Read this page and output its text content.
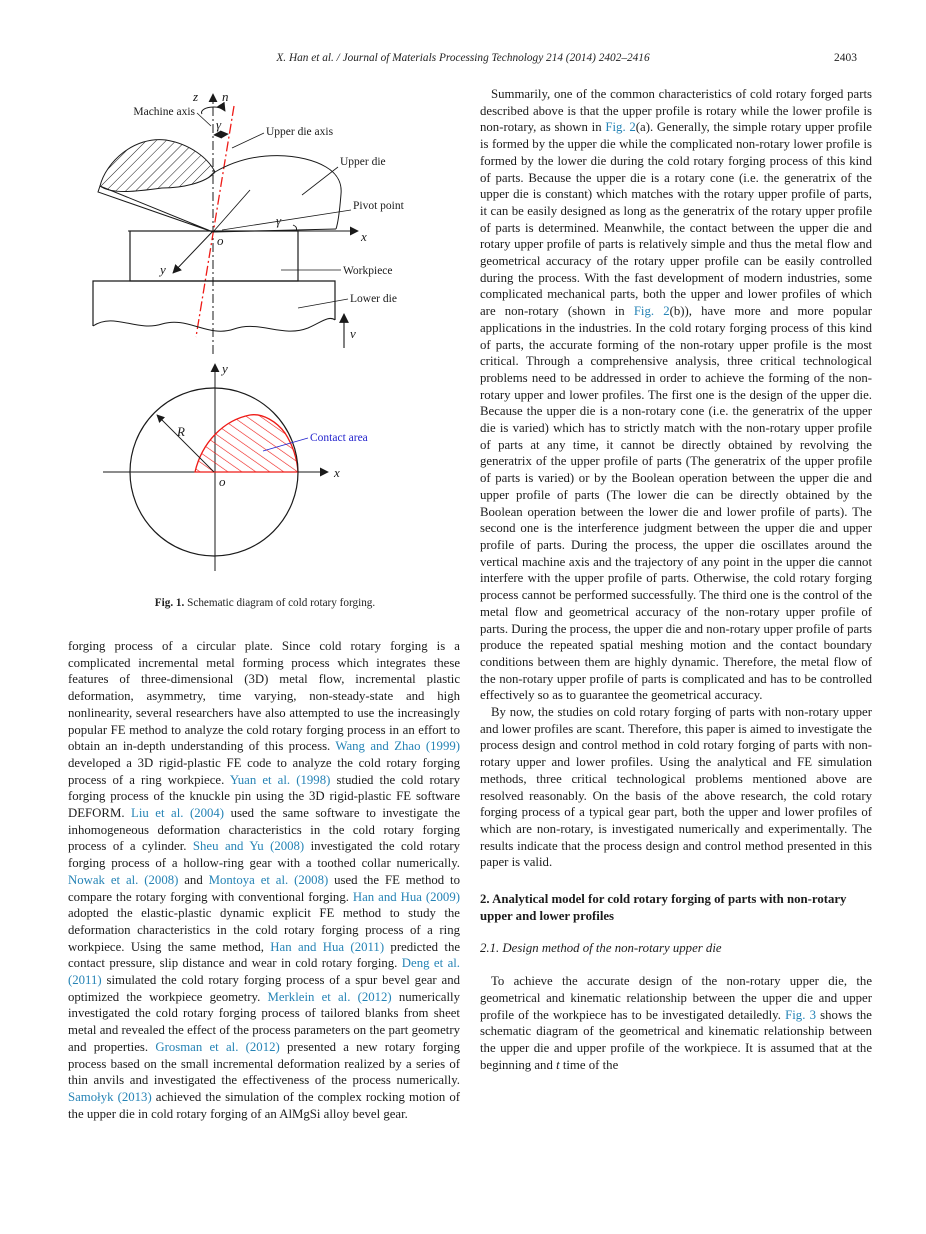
X. Han et al. / Journal of Materials Processing Technology 214 (2014) 2402–2416	2403
z n
γ
Machine axis
Upper die axis
γ
Upper die
Pivot point
x
y
o
Workpiece
Lower die
v
y
x
o
R	Contact area
Fig. 1. Schematic diagram of cold rotary forging.

forging process of a circular plate. Since cold rotary forging is a complicated incremental metal forming process which integrates these features of three-dimensional (3D) metal flow, incremental plastic deformation, asymmetry, time varying, non-steady-state and high nonlinearity, several researchers have also attempted to use the increasingly popular FE method to analyze the cold rotary forging process in an effort to obtain an in-depth understanding of this process. Wang and Zhao (1999) developed a 3D rigid-plastic FE code to analyze the cold rotary forging process of a ring workpiece. Yuan et al. (1998) studied the cold rotary forging process of the knuckle pin using the 3D rigid-plastic FE software DEFORM. Liu et al. (2004) used the same software to investigate the inhomogeneous deformation characteristics in the cold rotary forging process of a cylinder. Sheu and Yu (2008) investigated the cold rotary forging process of a hollow-ring gear with a toothed collar numerically. Nowak et al. (2008) and Montoya et al. (2008) used the FE method to compare the rotary forging with conventional forging. Han and Hua (2009) adopted the elastic-plastic dynamic explicit FE method to study the deformation characteristics in the cold rotary forging process of a ring workpiece. Using the same method, Han and Hua (2011) predicted the contact pressure, slip distance and wear in cold rotary forging. Deng et al. (2011) simulated the cold rotary forging process of a spur bevel gear and optimized the workpiece geometry. Merklein et al. (2012) numerically investigated the cold rotary forging process of tailored blanks from sheet metal and revealed the effect of the process parameters on the part geometry and properties. Grosman et al. (2012) presented a new rotary forging process based on the small incremental deformation realized by a series of thin anvils and investigated the effectiveness of the process numerically. Samołyk (2013) achieved the simulation of the complex rocking motion of the upper die in cold rotary forging of an AlMgSi alloy bevel gear.

Summarily, one of the common characteristics of cold rotary forged parts described above is that the upper profile is rotary while the lower profile is non-rotary, as shown in Fig. 2(a). Generally, the simple rotary upper profile is formed by the upper die while the complicated non-rotary lower profile is formed by the lower die during the cold rotary forging process of this kind of parts. Because the upper die is a rotary cone (i.e. the generatrix of the upper die is constant) which matches with the rotary upper profile of parts, it can be easily designed as long as the generatrix of the rotary upper profile of parts is determined. Meanwhile, the contact between the upper die and rotary upper profile of parts is relatively simple and thus the metal flow and geometrical accuracy of the rotary upper profile can be easily controlled during the process. With the fast development of modern industries, some complicated mechanical parts, both the upper and lower profiles of which are non-rotary (shown in Fig. 2(b)), have more and more popular applications in the industries. In the cold rotary forging process of this kind of parts, the accurate forming of the non-rotary upper profile is the most critical. Through a comprehensive analysis, three critical technological problems need to be addressed in order to achieve the forming of the non-rotary upper and lower profiles. The first one is the design of the upper die. Because the upper die is a non-rotary cone (i.e. the generatrix of the upper die is varied) which has to strictly match with the non-rotary upper profile of parts at any time, it cannot be directly obtained by revolving the generatrix of the upper profile of parts (The generatrix of the upper profile of parts is varied) or by the Boolean operation between the upper die and upper profile of parts (The lower die can be directly obtained by the Boolean operation between the lower die and lower profile of parts). The second one is the interference judgment between the upper die and upper profile of parts. During the process, the upper die oscillates around the vertical machine axis and the trajectory of any point in the upper die cannot interfere with the upper profile of parts. Otherwise, the cold rotary forging process cannot be performed successfully. The third one is the control of the metal flow and geometrical accuracy of the non-rotary upper profile of parts. During the process, the upper die and non-rotary upper profile of parts produce the repeated spatial meshing motion and the contact boundary conditions between them are highly dynamic. Therefore, the metal flow of the non-rotary upper profile of parts is complicated and has to be controlled effectively so as to guarantee the geometrical accuracy.

By now, the studies on cold rotary forging of parts with non-rotary upper and lower profiles are scant. Therefore, this paper is aimed to investigate the process design and control method in cold rotary forging of parts with non-rotary upper and lower profiles. Using the analytical and FE simulation methods, three critical technological problems mentioned above are resolved reasonably. On the basis of the above research, the cold rotary forging process of a typical gear part, both the upper and lower profiles of which are non-rotary, is investigated numerically and experimentally. The results indicate that the process design and control method presented in this paper is valid.

2. Analytical model for cold rotary forging of parts with non-rotary upper and lower profiles
2.1. Design method of the non-rotary upper die

To achieve the accurate design of the non-rotary upper die, the geometrical and kinematic relationship between the upper die and upper profile of the workpiece has to be investigated detailedly. Fig. 3 shows the schematic diagram of the geometrical and kinematic relationship between the upper die and upper profile of the workpiece. It is assumed that at the beginning and t time of the
